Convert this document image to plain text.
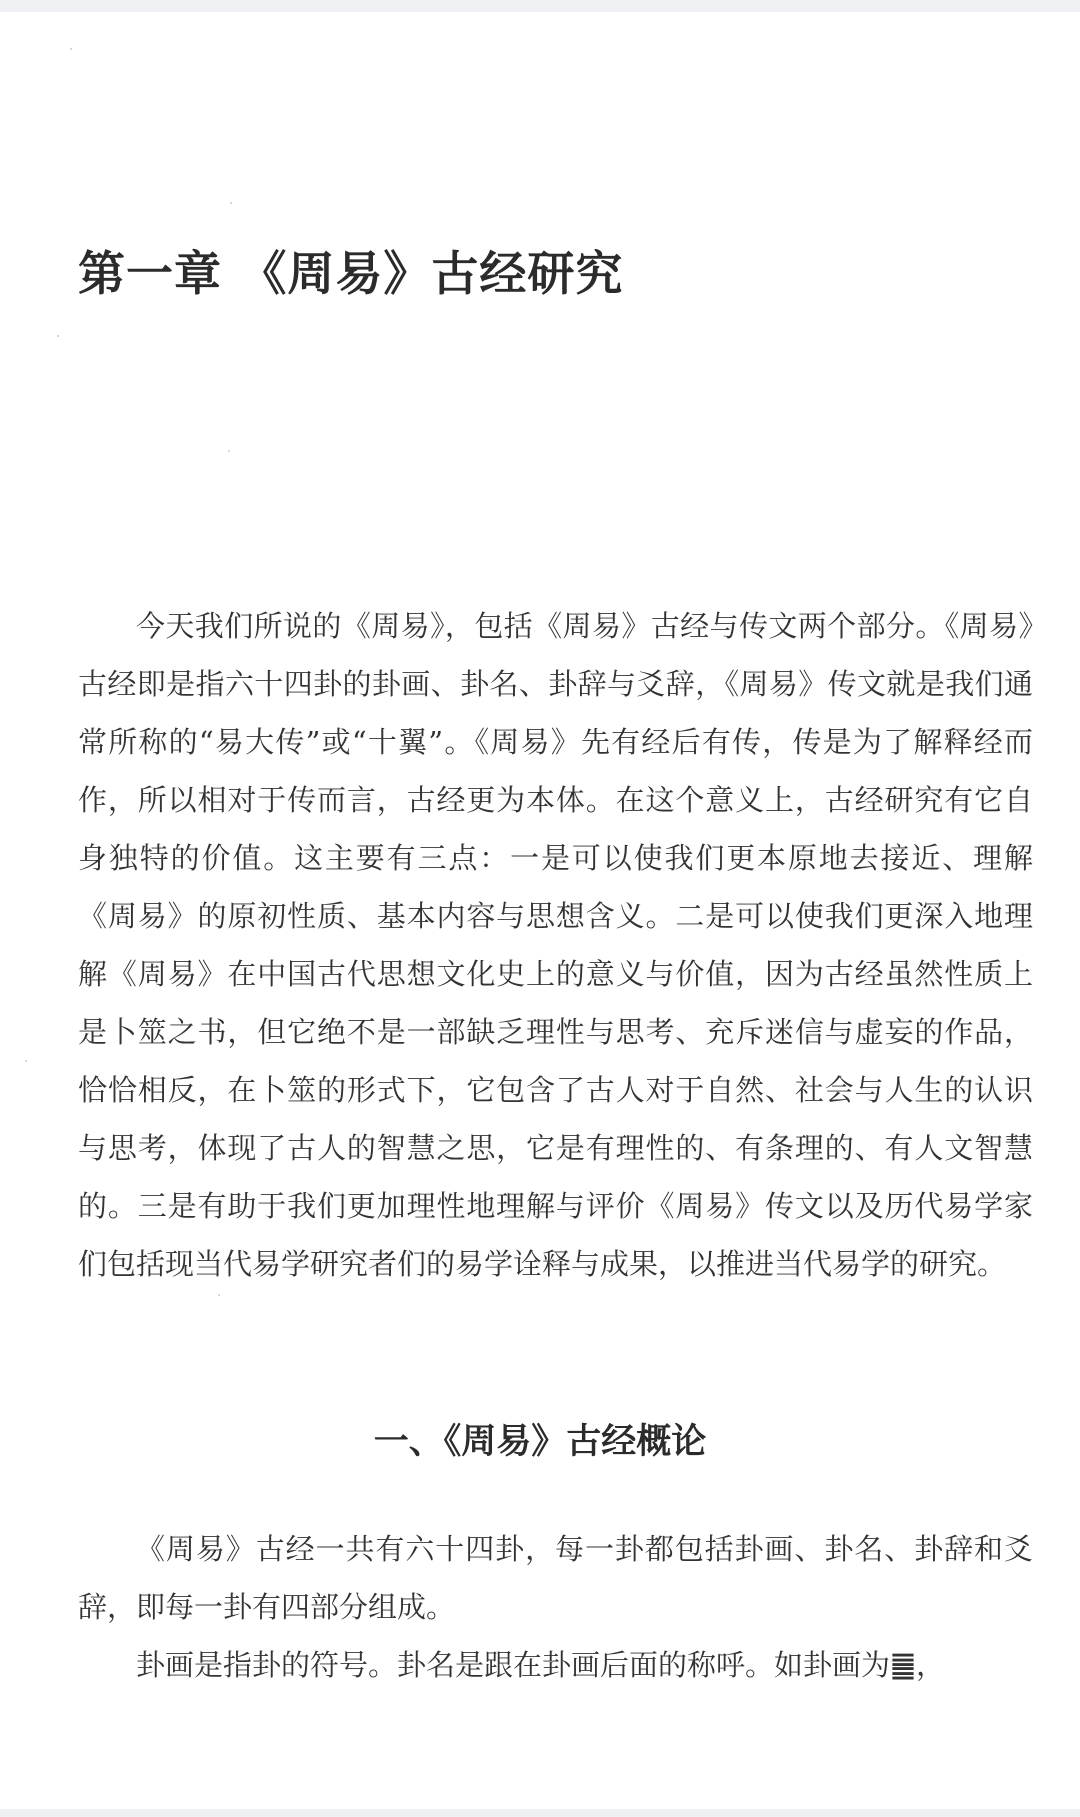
第一章 《周易》古经研究

今天我们所说的《周易》，包括《周易》古经与传文两个部分。《周易》古经即是指六十四卦的卦画、卦名、卦辞与爻辞，《周易》传文就是我们通常所称的“易大传”或“十翼”。《周易》先有经后有传，传是为了解释经而作，所以相对于传而言，古经更为本体。在这个意义上，古经研究有它自身独特的价值。这主要有三点：一是可以使我们更本原地去接近、理解《周易》的原初性质、基本内容与思想含义。二是可以使我们更深入地理解《周易》在中国古代思想文化史上的意义与价值，因为古经虽然性质上是卜筮之书，但它绝不是一部缺乏理性与思考、充斥迷信与虚妄的作品，恰恰相反，在卜筮的形式下，它包含了古人对于自然、社会与人生的认识与思考，体现了古人的智慧之思，它是有理性的、有条理的、有人文智慧的。三是有助于我们更加理性地理解与评价《周易》传文以及历代易学家们包括现当代易学研究者们的易学诠释与成果，以推进当代易学的研究。

一、《周易》古经概论

《周易》古经一共有六十四卦，每一卦都包括卦画、卦名、卦辞和爻辞，即每一卦有四部分组成。

卦画是指卦的符号。卦名是跟在卦画后面的称呼。如卦画为䷀，
